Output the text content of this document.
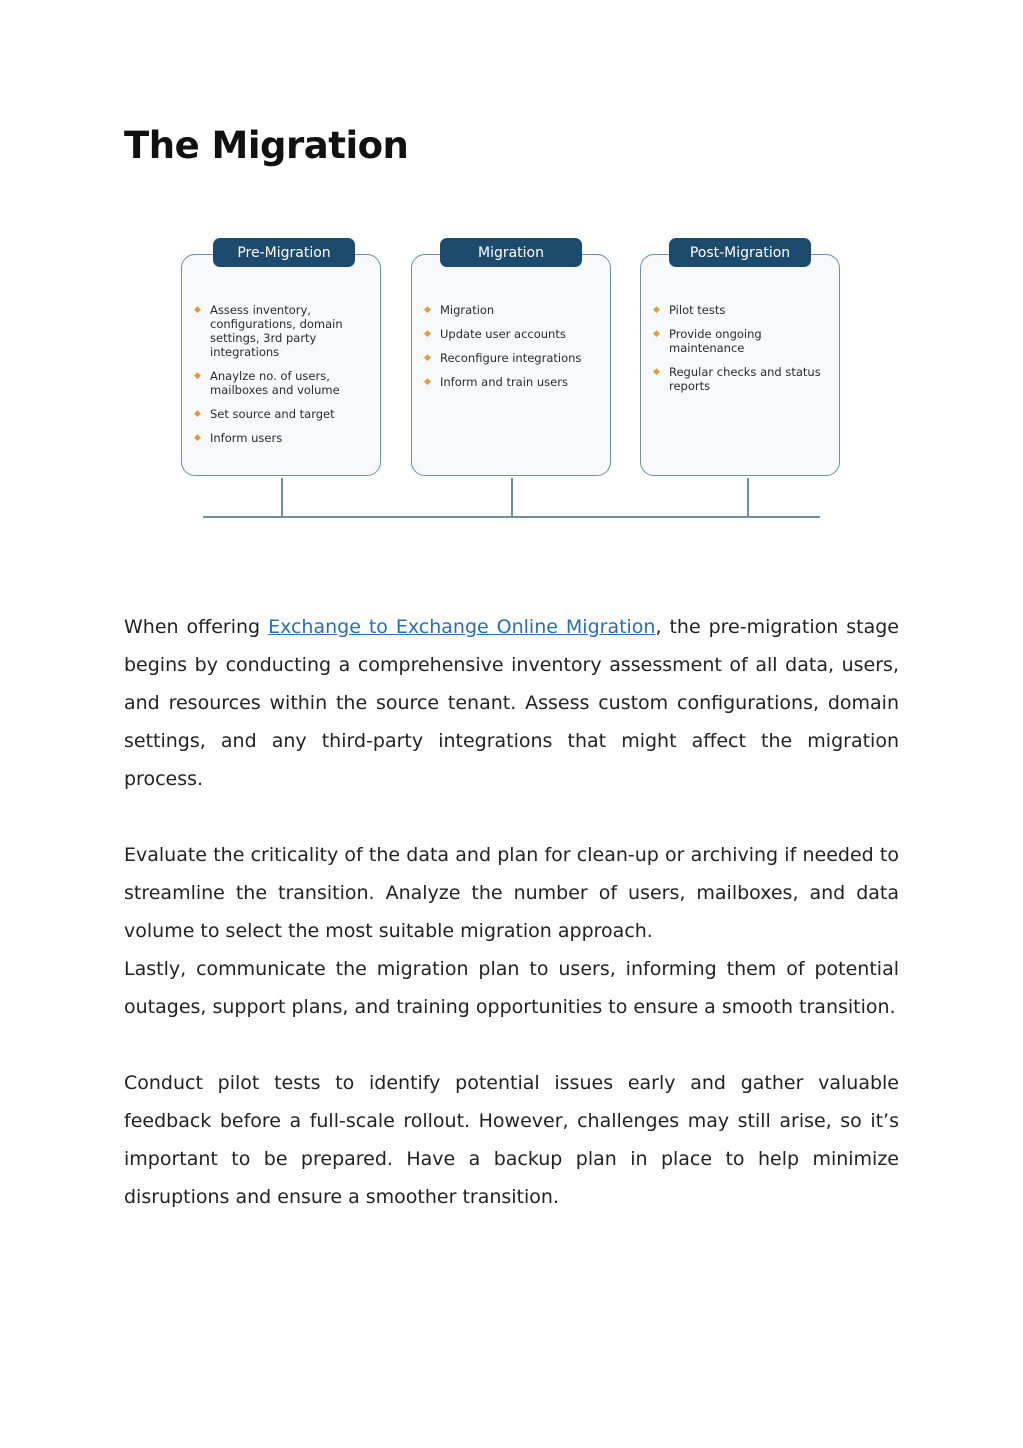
The Migration
◆ Assess inventory, configurations, domain settings, 3rd party integrations
◆ Anaylze no. of users, mailboxes and volume
◆ Set source and target
◆ Inform users
Pre-Migration
◆ Migration
◆ Update user accounts
◆ Reconfigure integrations
◆ Inform and train users
Migration
◆ Pilot tests
◆ Provide ongoing maintenance
◆ Regular checks and status reports
Post-Migration

When offering Exchange to Exchange Online Migration, the pre-migration stage begins by conducting a comprehensive inventory assessment of all data, users, and resources within the source tenant. Assess custom configurations, domain settings, and any third-party integrations that might affect the migration process.

Evaluate the criticality of the data and plan for clean-up or archiving if needed to streamline the transition. Analyze the number of users, mailboxes, and data volume to select the most suitable migration approach.

Lastly, communicate the migration plan to users, informing them of potential outages, support plans, and training opportunities to ensure a smooth transition.

Conduct pilot tests to identify potential issues early and gather valuable feedback before a full-scale rollout. However, challenges may still arise, so it’s important to be prepared. Have a backup plan in place to help minimize disruptions and ensure a smoother transition.
